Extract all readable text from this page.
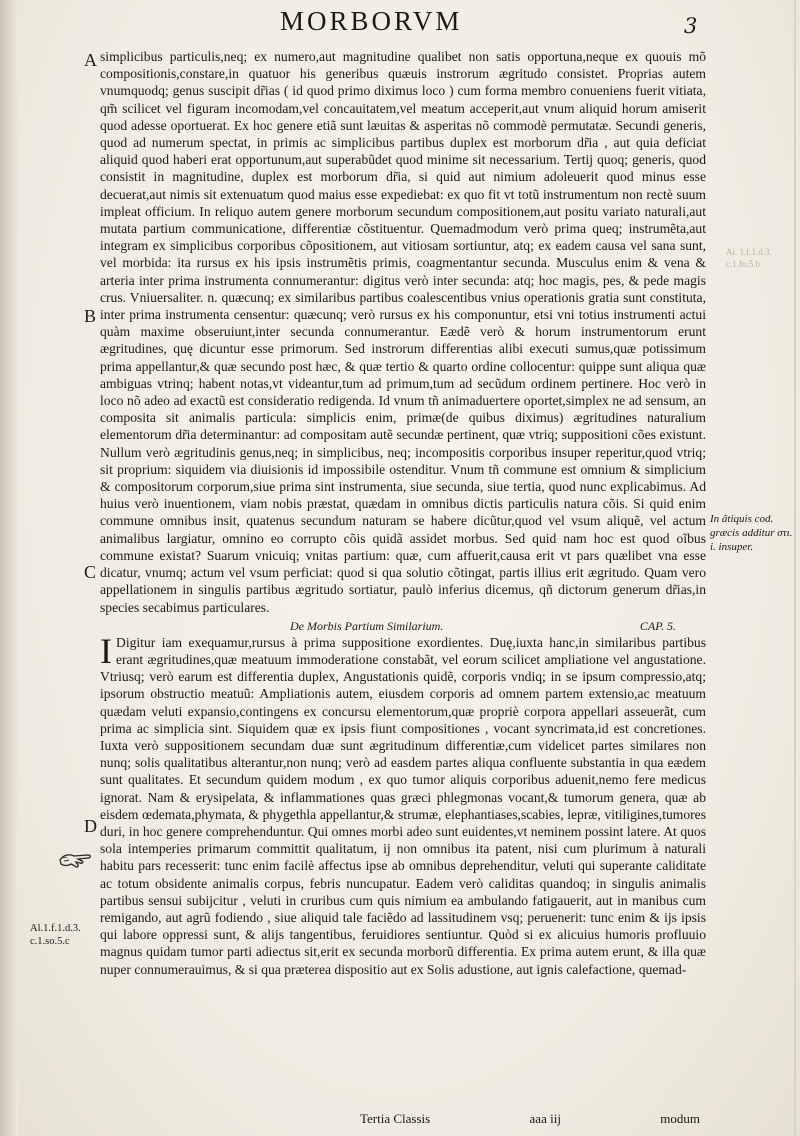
MORBORVM	3
A
B
C
D

simplicibus particulis,neq; ex numero,aut magnitudine qualibet non satis opportuna,neque ex quouis mõ compositionis,constare,in quatuor his generibus quæuis instrorum ægritudo consistet. Proprias autem vnumquodq; genus suscipit dr̃ias ( id quod primo diximus loco ) cum forma membro conueniens fuerit vitiata, qm̃ scilicet vel figuram incomodam,vel concauitatem,vel meatum acceperit,aut vnum aliquid horum amiserit quod adesse oportuerat. Ex hoc genere etiã sunt læuitas & asperitas nõ commodè permutatæ. Secundi generis, quod ad numerum spectat, in primis ac simplicibus partibus duplex est morborum dr̃ia , aut quia deficiat aliquid quod haberi erat opportunum,aut superabũdet quod minime sit necessarium. Tertij quoq; generis, quod consistit in magnitudine, duplex est morborum dr̃ia, si quid aut nimium adoleuerit quod minus esse decuerat,aut nimis sit extenuatum quod maius esse expediebat: ex quo fit vt totũ instrumentum non rectè suum impleat officium. In reliquo autem genere morborum secundum compositionem,aut positu variato naturali,aut mutata partium communicatione, differentiæ cõstituentur. Quemadmodum verò prima queq; instrumẽta,aut integram ex simplicibus corporibus cõpositionem, aut vitiosam sortiuntur, atq; ex eadem causa vel sana sunt, vel morbida: ita rursus ex his ipsis instrumẽtis primis, coagmentantur secunda. Musculus enim & vena & arteria inter prima instrumenta connumerantur: digitus verò inter secunda: atq; hoc magis, pes, & pede magis crus. Vniuersaliter. n. quæcunq; ex similaribus partibus coalescentibus vnius operationis gratia sunt constituta, inter prima instrumenta censentur: quæcunq; verò rursus ex his componuntur, etsi vni totius instrumenti actui quàm maxime obseruiunt,inter secunda connumerantur. Eædẽ verò & horum instrumentorum erunt ægritudines, quę dicuntur esse primorum. Sed instrorum differentias alibi executi sumus,quæ potissimum prima appellantur,& quæ secundo post hæc, & quæ tertio & quarto ordine collocentur: quippe sunt aliqua quæ ambiguas vtrinq; habent notas,vt videantur,tum ad primum,tum ad secũdum ordinem pertinere. Hoc verò in loco nõ adeo ad exactũ est consideratio redigenda. Id vnum tñ animaduertere oportet,simplex ne ad sensum, an composita sit animalis particula: simplicis enim, primæ(de quibus diximus) ægritudines naturalium elementorum dr̃ia determinantur: ad compositam autẽ secundæ pertinent, quæ vtriq; suppositioni cões existunt. Nullum verò ægritudinis genus,neq; in simplicibus, neq; incompositis corporibus insuper reperitur,quod vtriq; sit proprium: siquidem via diuisionis id impossibile ostenditur. Vnum tñ commune est omnium & simplicium & compositorum corporum,siue prima sint instrumenta, siue secunda, siue tertia, quod nunc explicabimus. Ad huius verò inuentionem, viam nobis præstat, quædam in omnibus dictis particulis natura cõis. Si quid enim commune omnibus insit, quatenus secundum naturam se habere dicũtur,quod vel vsum aliquẽ, vel actum animalibus largiatur, omnino eo corrupto cõis quidã assidet morbus. Sed quid nam hoc est quod oĩbus commune existat? Suarum vnicuiq; vnitas partium: quæ, cum affuerit,causa erit vt pars quælibet vna esse dicatur, vnumq; actum vel vsum perficiat: quod si qua solutio cõtingat, partis illius erit ægritudo. Quam vero appellationem in singulis partibus ægritudo sortiatur, paulò inferius dicemus, qñ dictorum generum dr̃ias,in species secabimus particulares.

De Morbis Partium Similarium.	CAP. 5.

I Digitur iam exequamur,rursus à prima suppositione exordientes. Duę,iuxta hanc,in similaribus partibus erant ægritudines,quæ meatuum immoderatione constabãt, vel eorum scilicet ampliatione vel angustatione. Vtriusq; verò earum est differentia duplex, Angustationis quidẽ, corporis vndiq; in se ipsum compressio,atq; ipsorum obstructio meatuũ: Ampliationis autem, eiusdem corporis ad omnem partem extensio,ac meatuum quædam veluti expansio,contingens ex concursu elementorum,quæ propriè corpora appellari asseuerãt, cum prima ac simplicia sint. Siquidem quæ ex ipsis fiunt compositiones , vocant syncrimata,id est concretiones. Iuxta verò suppositionem secundam duæ sunt ægritudinum differentiæ,cum videlicet partes similares non nunq; solis qualitatibus alterantur,non nunq; verò ad easdem partes aliqua confluente substantia in qua eædem sunt qualitates. Et secundum quidem modum , ex quo tumor aliquis corporibus aduenit,nemo fere medicus ignorat. Nam & erysipelata, & inflammationes quas græci phlegmonas vocant,& tumorum genera, quæ ab eisdem œdemata,phymata, & phygethla appellantur,& strumæ, elephantiases,scabies, lepræ, vitiligines,tumores duri, in hoc genere comprehenduntur. Qui omnes morbi adeo sunt euidentes,vt neminem possint latere. At quos sola intemperies primarum committit qualitatum, ij non omnibus ita patent, nisi cum plurimum à naturali habitu pars recesserit: tunc enim facilè affectus ipse ab omnibus deprehenditur, veluti qui superante caliditate ac totum obsidente animalis corpus, febris nuncupatur. Eadem verò caliditas quandoq; in singulis animalis partibus sensui subijcitur , veluti in cruribus cum quis nimium ea ambulando fatigauerit, aut in manibus cum remigando, aut agrũ fodiendo , siue aliquid tale faciẽdo ad lassitudinem vsq; peruenerit: tunc enim & ijs ipsis qui labore oppressi sunt, & alijs tangentibus, feruidiores sentiuntur. Quòd si ex alicuius humoris profluuio magnus quidam tumor parti adiectus sit,erit ex secunda morborũ differentia. Ex prima autem erunt, & illa quæ nuper connumerauimus, & si qua præterea dispositio aut ex Solis adustione, aut ignis calefactione, quemad-

In ãtiquis cod. græcis additur στι. i. insuper.
Al. 1.f.1.d.3.
c.1.fo.5.b
Al.1.f.1.d.3.
c.1.so.5.c
Tertia Classis	aaa iij	modum
